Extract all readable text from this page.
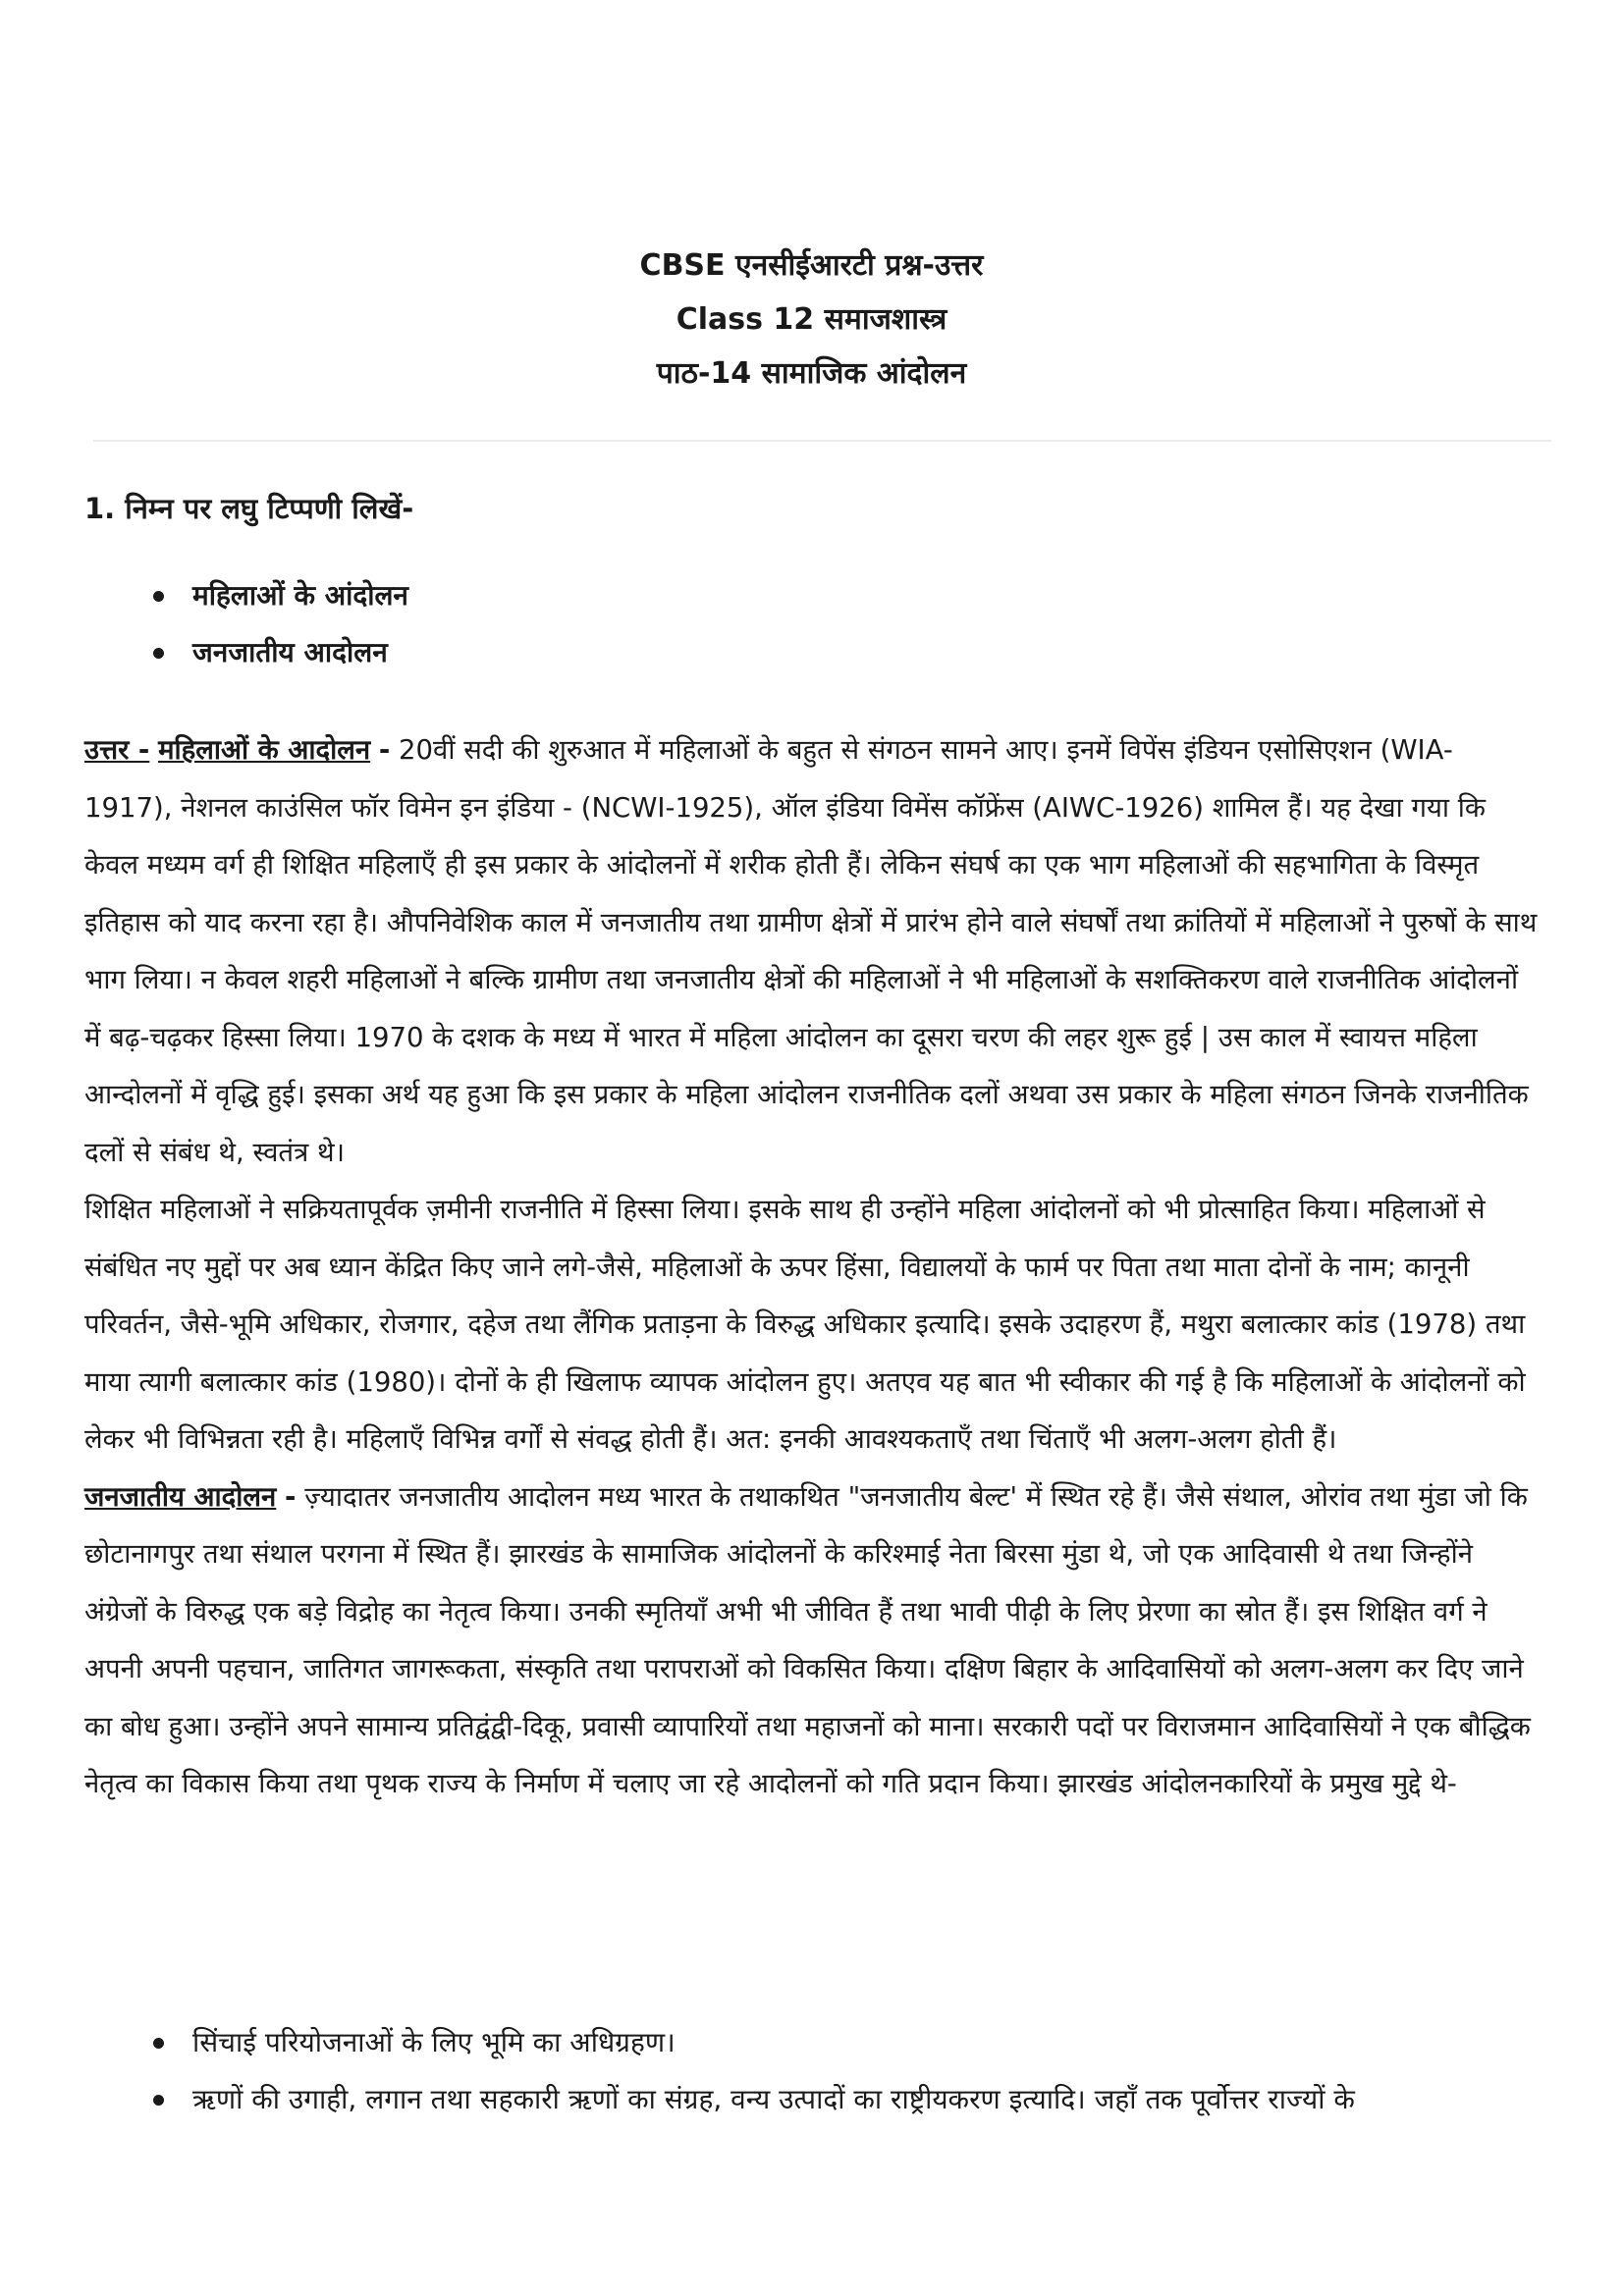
CBSE एनसीईआरटी प्रश्न-उत्तर
Class 12 समाजशास्त्र
पाठ-14 सामाजिक आंदोलन
1. निम्न पर लघु टिप्पणी लिखें-
महिलाओं के आंदोलन
जनजातीय आदोलन

उत्तर - महिलाओं के आदोलन - 20वीं सदी की शुरुआत में महिलाओं के बहुत से संगठन सामने आए। इनमें विपेंस इंडियन एसोसिएशन (WIA-1917), नेशनल काउंसिल फॉर विमेन इन इंडिया - (NCWI-1925), ऑल इंडिया विमेंस कॉफ्रेंस (AIWC-1926) शामिल हैं। यह देखा गया कि केवल मध्यम वर्ग ही शिक्षित महिलाएँ ही इस प्रकार के आंदोलनों में शरीक होती हैं। लेकिन संघर्ष का एक भाग महिलाओं की सहभागिता के विस्मृत इतिहास को याद करना रहा है। औपनिवेशिक काल में जनजातीय तथा ग्रामीण क्षेत्रों में प्रारंभ होने वाले संघर्षों तथा क्रांतियों में महिलाओं ने पुरुषों के साथ भाग लिया। न केवल शहरी महिलाओं ने बल्कि ग्रामीण तथा जनजातीय क्षेत्रों की महिलाओं ने भी महिलाओं के सशक्तिकरण वाले राजनीतिक आंदोलनों में बढ़-चढ़कर हिस्सा लिया। 1970 के दशक के मध्य में भारत में महिला आंदोलन का दूसरा चरण की लहर शुरू हुई | उस काल में स्वायत्त महिला आन्दोलनों में वृद्धि हुई। इसका अर्थ यह हुआ कि इस प्रकार के महिला आंदोलन राजनीतिक दलों अथवा उस प्रकार के महिला संगठन जिनके राजनीतिक दलों से संबंध थे, स्वतंत्र थे।

शिक्षित महिलाओं ने सक्रियतापूर्वक ज़मीनी राजनीति में हिस्सा लिया। इसके साथ ही उन्होंने महिला आंदोलनों को भी प्रोत्साहित किया। महिलाओं से संबंधित नए मुद्दों पर अब ध्यान केंद्रित किए जाने लगे-जैसे, महिलाओं के ऊपर हिंसा, विद्यालयों के फार्म पर पिता तथा माता दोनों के नाम; कानूनी परिवर्तन, जैसे-भूमि अधिकार, रोजगार, दहेज तथा लैंगिक प्रताड़ना के विरुद्ध अधिकार इत्यादि। इसके उदाहरण हैं, मथुरा बलात्कार कांड (1978) तथा माया त्यागी बलात्कार कांड (1980)। दोनों के ही खिलाफ व्यापक आंदोलन हुए। अतएव यह बात भी स्वीकार की गई है कि महिलाओं के आंदोलनों को लेकर भी विभिन्नता रही है। महिलाएँ विभिन्न वर्गों से संवद्ध होती हैं। अत: इनकी आवश्यकताएँ तथा चिंताएँ भी अलग-अलग होती हैं।

जनजातीय आदोलन - ज़्यादातर जनजातीय आदोलन मध्य भारत के तथाकथित "जनजातीय बेल्ट' में स्थित रहे हैं। जैसे संथाल, ओरांव तथा मुंडा जो कि छोटानागपुर तथा संथाल परगना में स्थित हैं। झारखंड के सामाजिक आंदोलनों के करिश्माई नेता बिरसा मुंडा थे, जो एक आदिवासी थे तथा जिन्होंने अंग्रेजों के विरुद्ध एक बड़े विद्रोह का नेतृत्व किया। उनकी स्मृतियाँ अभी भी जीवित हैं तथा भावी पीढ़ी के लिए प्रेरणा का स्रोत हैं। इस शिक्षित वर्ग ने अपनी अपनी पहचान, जातिगत जागरूकता, संस्कृति तथा परापराओं को विकसित किया। दक्षिण बिहार के आदिवासियों को अलग-अलग कर दिए जाने का बोध हुआ। उन्होंने अपने सामान्य प्रतिद्वंद्वी-दिकू, प्रवासी व्यापारियों तथा महाजनों को माना। सरकारी पदों पर विराजमान आदिवासियों ने एक बौद्धिक नेतृत्व का विकास किया तथा पृथक राज्य के निर्माण में चलाए जा रहे आदोलनों को गति प्रदान किया। झारखंड आंदोलनकारियों के प्रमुख मुद्दे थे-

सिंचाई परियोजनाओं के लिए भूमि का अधिग्रहण।
ऋणों की उगाही, लगान तथा सहकारी ऋणों का संग्रह, वन्य उत्पादों का राष्ट्रीयकरण इत्यादि। जहाँ तक पूर्वोत्तर राज्यों के
